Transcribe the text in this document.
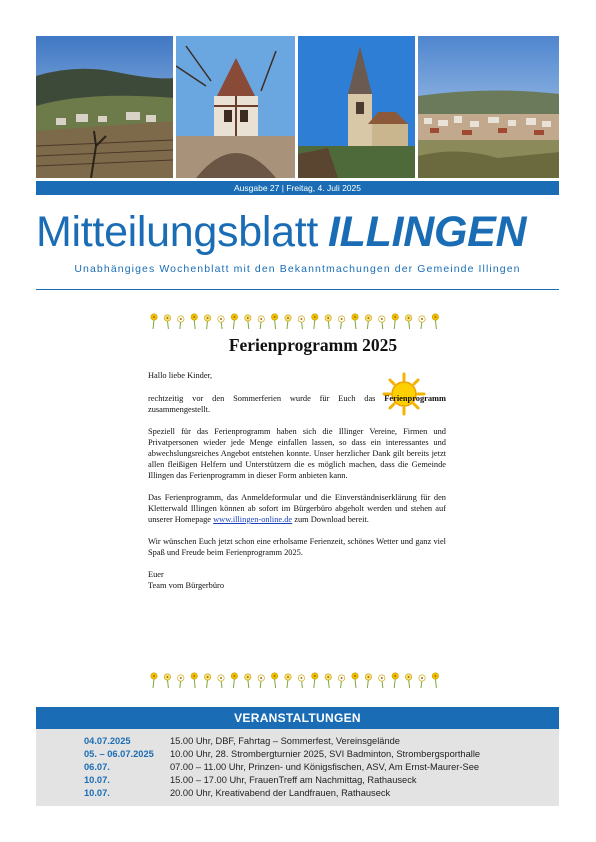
Ausgabe 27 | Freitag, 4. Juli 2025
Mitteilungsblatt ILLINGEN
Unabhängiges Wochenblatt mit den Bekanntmachungen der Gemeinde Illingen
Ferienprogramm 2025

Hallo liebe Kinder,

rechtzeitig vor den Sommerferien wurde für Euch das Ferienprogramm zusammengestellt.

Speziell für das Ferienprogramm haben sich die Illinger Vereine, Firmen und Privatpersonen wieder jede Menge einfallen lassen, so dass ein interessantes und abwechslungsreiches Angebot entstehen konnte. Unser herzlicher Dank gilt bereits jetzt allen fleißigen Helfern und Unterstützern die es möglich machen, dass die Gemeinde Illingen das Ferienprogramm in dieser Form anbieten kann.

Das Ferienprogramm, das Anmeldeformular und die Einverständniserklärung für den Kletterwald Illingen können ab sofort im Bürgerbüro abgeholt werden und stehen auf unserer Homepage www.illingen-online.de zum Download bereit.

Wir wünschen Euch jetzt schon eine erholsame Ferienzeit, schönes Wetter und ganz viel Spaß und Freude beim Ferienprogramm 2025.

Euer
Team vom Bürgerbüro

VERANSTALTUNGEN
04.07.2025	15.00 Uhr, DBF, Fahrtag – Sommerfest, Vereinsgelände
05. – 06.07.2025	10.00 Uhr, 28. Strombergturnier 2025, SVI Badminton, Strombergsporthalle
06.07.	07.00 – 11.00 Uhr, Prinzen- und Königsfischen, ASV, Am Ernst-Maurer-See
10.07.	15.00 – 17.00 Uhr, FrauenTreff am Nachmittag, Rathauseck
10.07.	20.00 Uhr, Kreativabend der Landfrauen, Rathauseck
